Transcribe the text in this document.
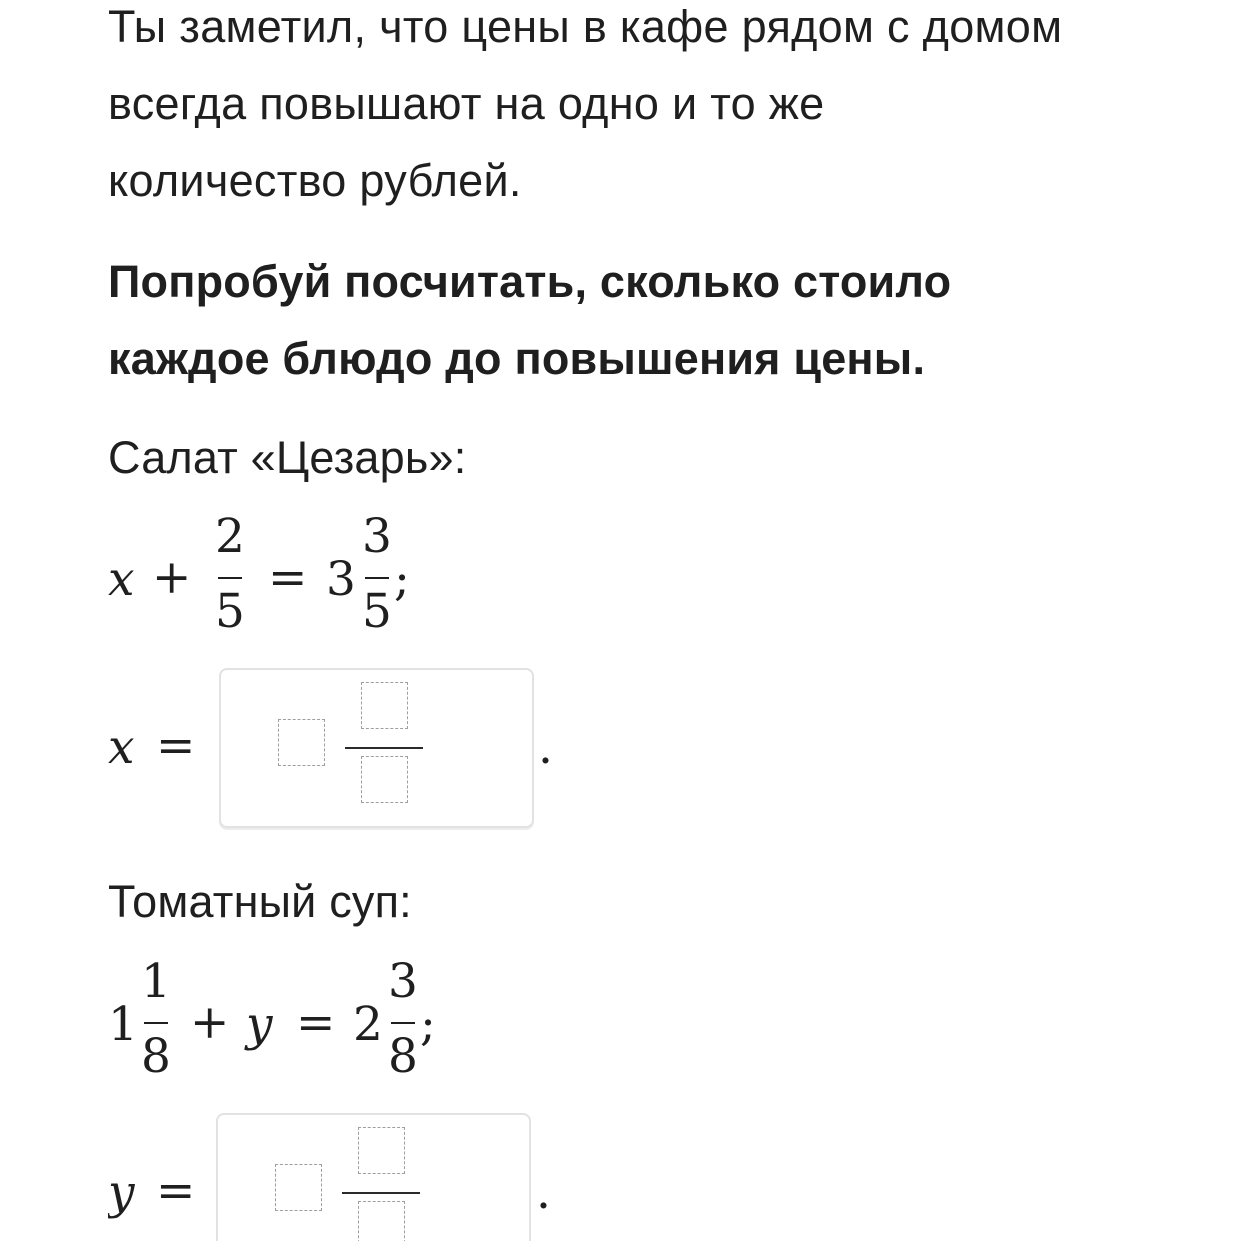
Ты заметил, что цены в кафе рядом с домом
всегда повышают на одно и то же
количество рублей.

Попробуй посчитать, сколько стоило
каждое блюдо до повышения цены.

Салат «Цезарь»:

x +
2
5
= 3
3
5
;
x =	.

Томатный суп:

1
1
8
+ y = 2
3
8
;
y =	.
